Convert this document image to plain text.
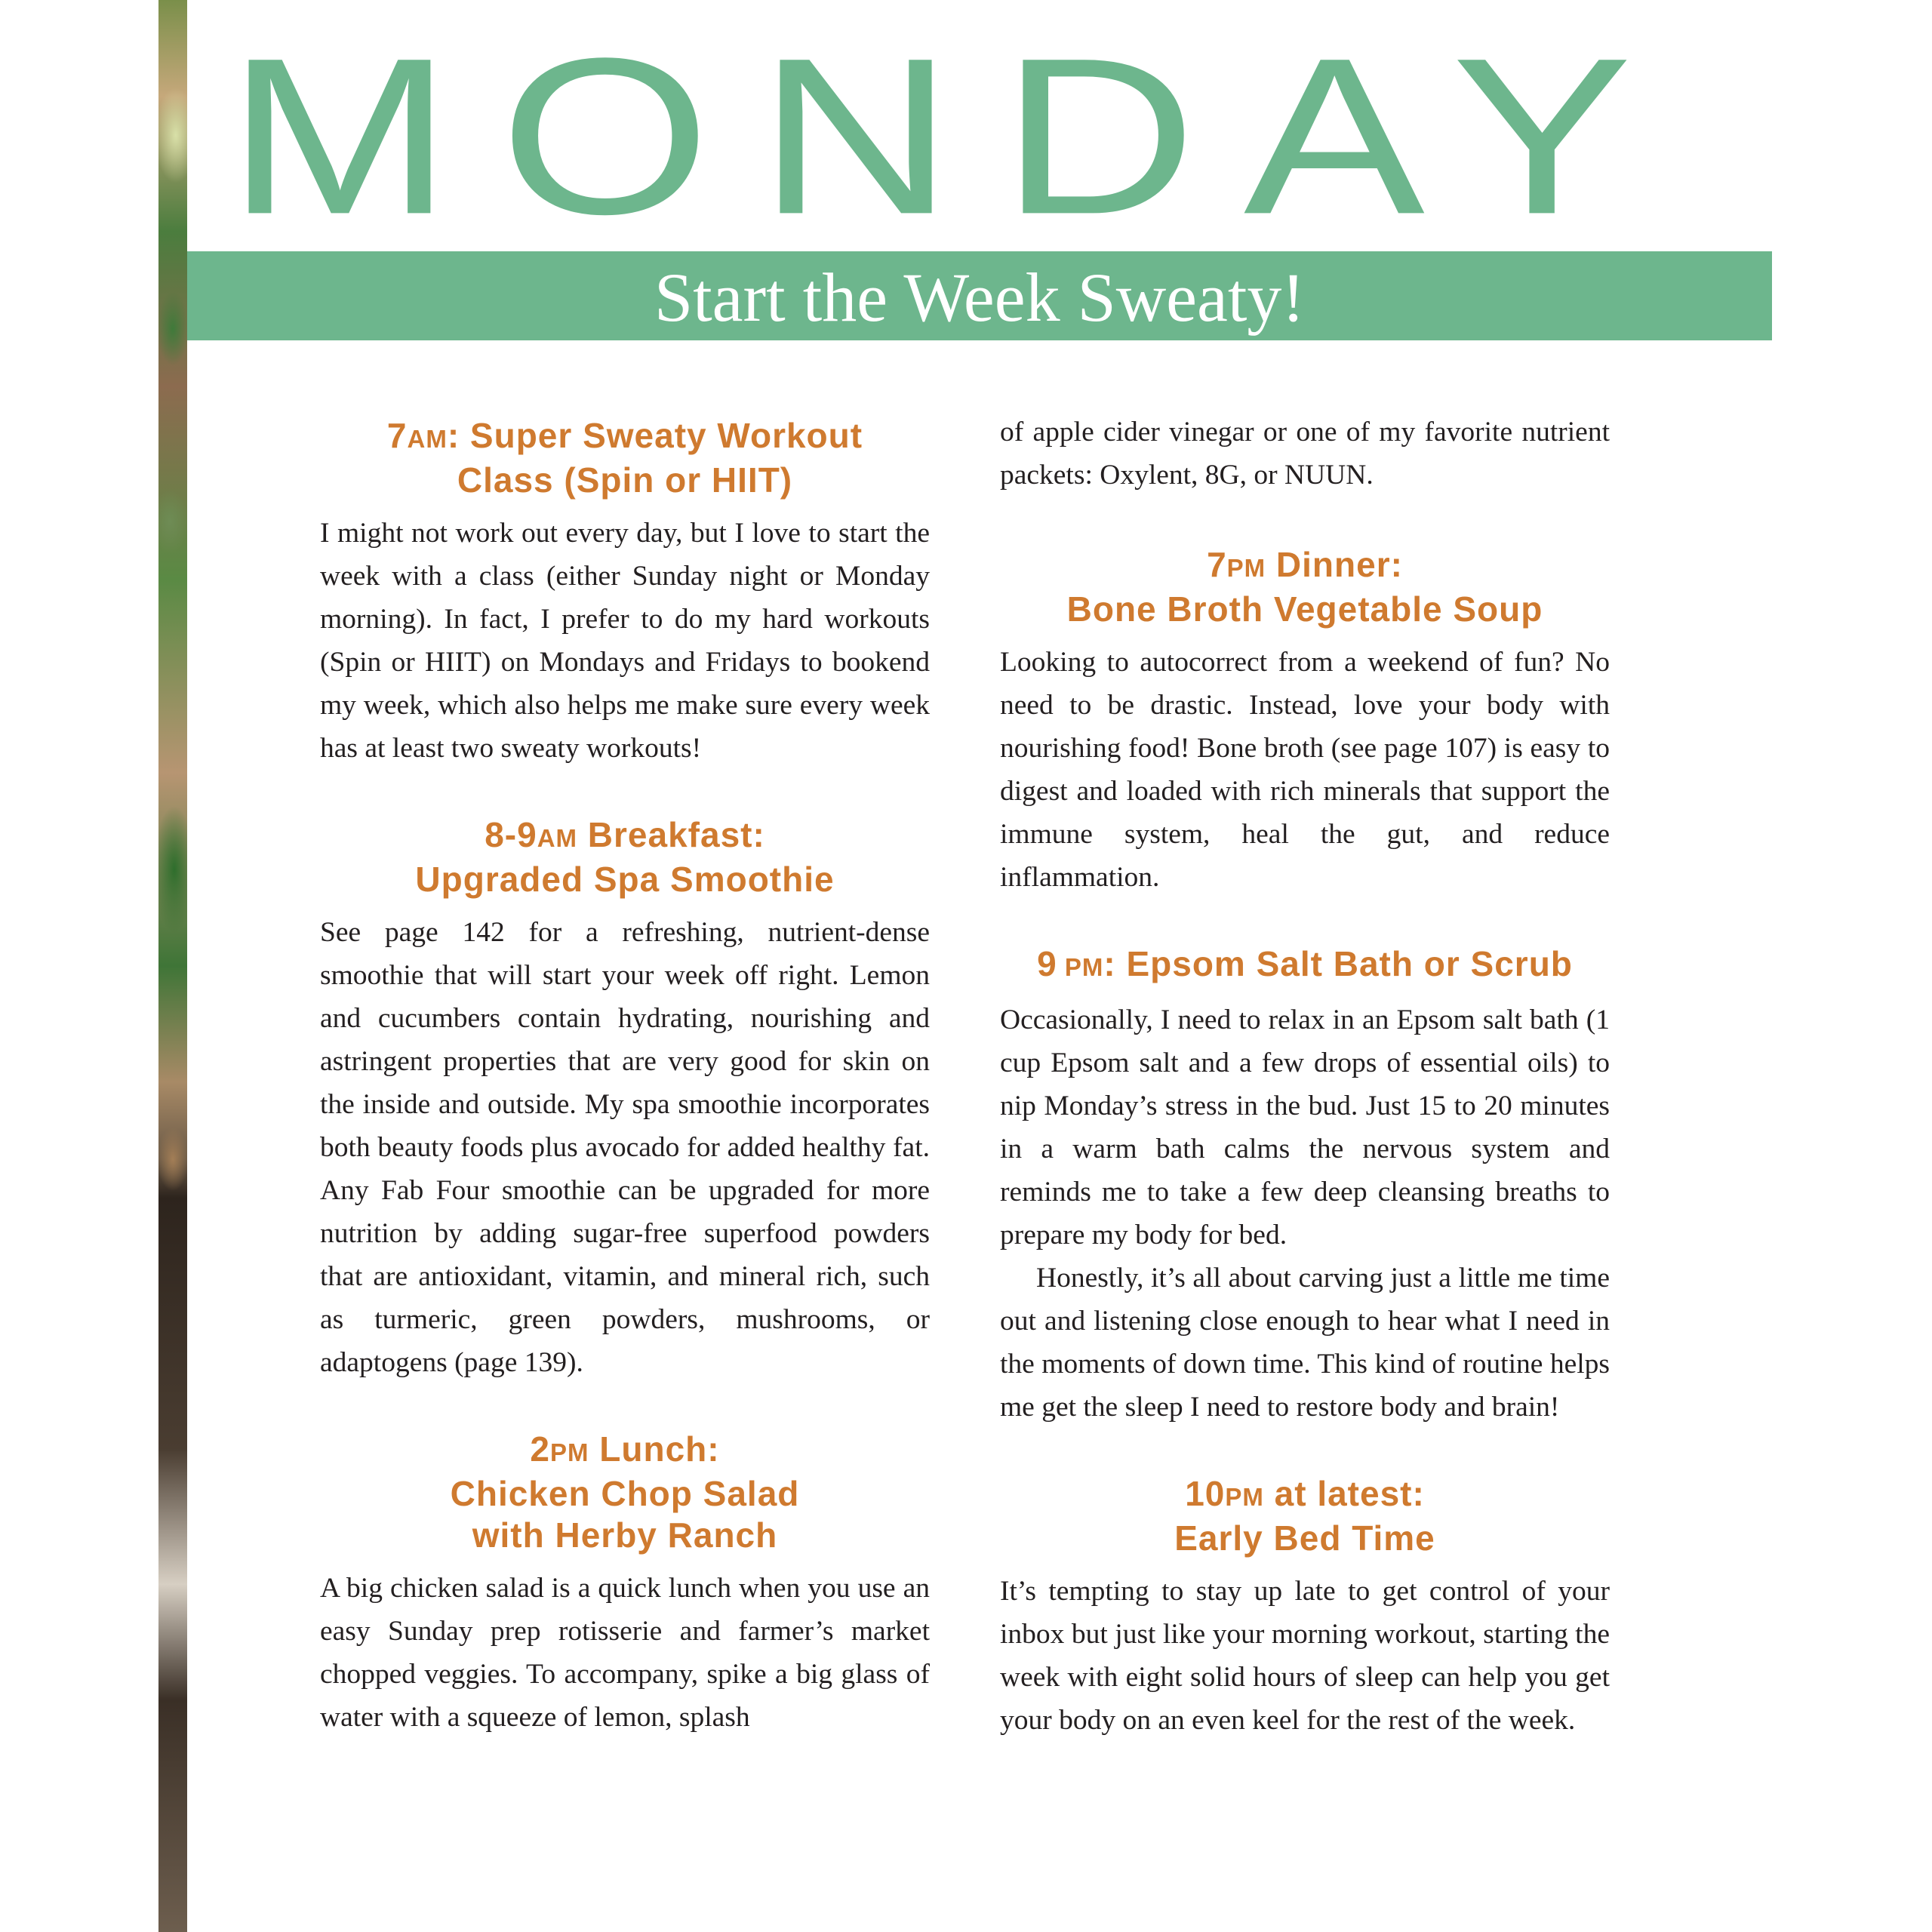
MONDAY
Start the Week Sweaty!
7AM: Super Sweaty Workout
Class (Spin or HIIT)

I might not work out every day, but I love to start the week with a class (either Sunday night or Monday morning). In fact, I prefer to do my hard workouts (Spin or HIIT) on Mondays and Fridays to bookend my week, which also helps me make sure every week has at least two sweaty workouts!

8-9AM Breakfast:
Upgraded Spa Smoothie

See page 142 for a refreshing, nutrient-dense smoothie that will start your week off right. Lemon and cucumbers contain hydrating, nourishing and astringent properties that are very good for skin on the inside and outside. My spa smoothie incorporates both beauty foods plus avocado for added healthy fat. Any Fab Four smoothie can be upgraded for more nutrition by adding sugar-free superfood powders that are antioxidant, vitamin, and mineral rich, such as turmeric, green powders, mushrooms, or adaptogens (page 139).

2PM Lunch:
Chicken Chop Salad
with Herby Ranch

A big chicken salad is a quick lunch when you use an easy Sunday prep rotisserie and farmer’s market chopped veggies. To accompany, spike a big glass of water with a squeeze of lemon, splash

of apple cider vinegar or one of my favorite nutrient packets: Oxylent, 8G, or NUUN.

7PM Dinner:
Bone Broth Vegetable Soup

Looking to autocorrect from a weekend of fun? No need to be drastic. Instead, love your body with nourishing food! Bone broth (see page 107) is easy to digest and loaded with rich minerals that support the immune system, heal the gut, and reduce inflammation.

9 PM: Epsom Salt Bath or Scrub

Occasionally, I need to relax in an Epsom salt bath (1 cup Epsom salt and a few drops of essential oils) to nip Monday’s stress in the bud. Just 15 to 20 minutes in a warm bath calms the nervous system and reminds me to take a few deep cleansing breaths to prepare my body for bed.

Honestly, it’s all about carving just a little me time out and listening close enough to hear what I need in the moments of down time. This kind of routine helps me get the sleep I need to restore body and brain!

10PM at latest:
Early Bed Time

It’s tempting to stay up late to get control of your inbox but just like your morning workout, starting the week with eight solid hours of sleep can help you get your body on an even keel for the rest of the week.
